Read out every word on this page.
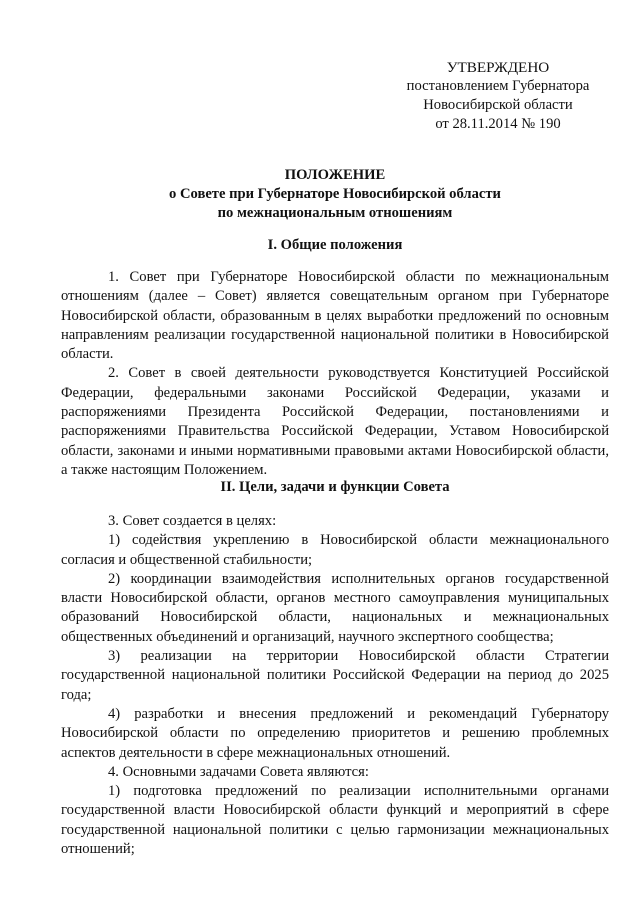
УТВЕРЖДЕНО
постановлением Губернатора
Новосибирской области
от 28.11.2014 № 190
ПОЛОЖЕНИЕ
о Совете при Губернаторе Новосибирской области
по межнациональным отношениям
I. Общие положения

1. Совет при Губернаторе Новосибирской области по межнациональным отношениям (далее – Совет) является совещательным органом при Губернаторе Новосибирской области, образованным в целях выработки предложений по основным направлениям реализации государственной национальной политики в Новосибирской области.

2. Совет в своей деятельности руководствуется Конституцией Российской Федерации, федеральными законами Российской Федерации, указами и распоряжениями Президента Российской Федерации, постановлениями и распоряжениями Правительства Российской Федерации, Уставом Новосибирской области, законами и иными нормативными правовыми актами Новосибирской области, а также настоящим Положением.

II. Цели, задачи и функции Совета

3. Совет создается в целях:

1) содействия укреплению в Новосибирской области межнационального согласия и общественной стабильности;

2) координации взаимодействия исполнительных органов государственной власти Новосибирской области, органов местного самоуправления муниципальных образований Новосибирской области, национальных и межнациональных общественных объединений и организаций, научного экспертного сообщества;

3) реализации на территории Новосибирской области Стратегии государственной национальной политики Российской Федерации на период до 2025 года;

4) разработки и внесения предложений и рекомендаций Губернатору Новосибирской области по определению приоритетов и решению проблемных аспектов деятельности в сфере межнациональных отношений.

4. Основными задачами Совета являются:

1) подготовка предложений по реализации исполнительными органами государственной власти Новосибирской области функций и мероприятий в сфере государственной национальной политики с целью гармонизации межнациональных отношений;
